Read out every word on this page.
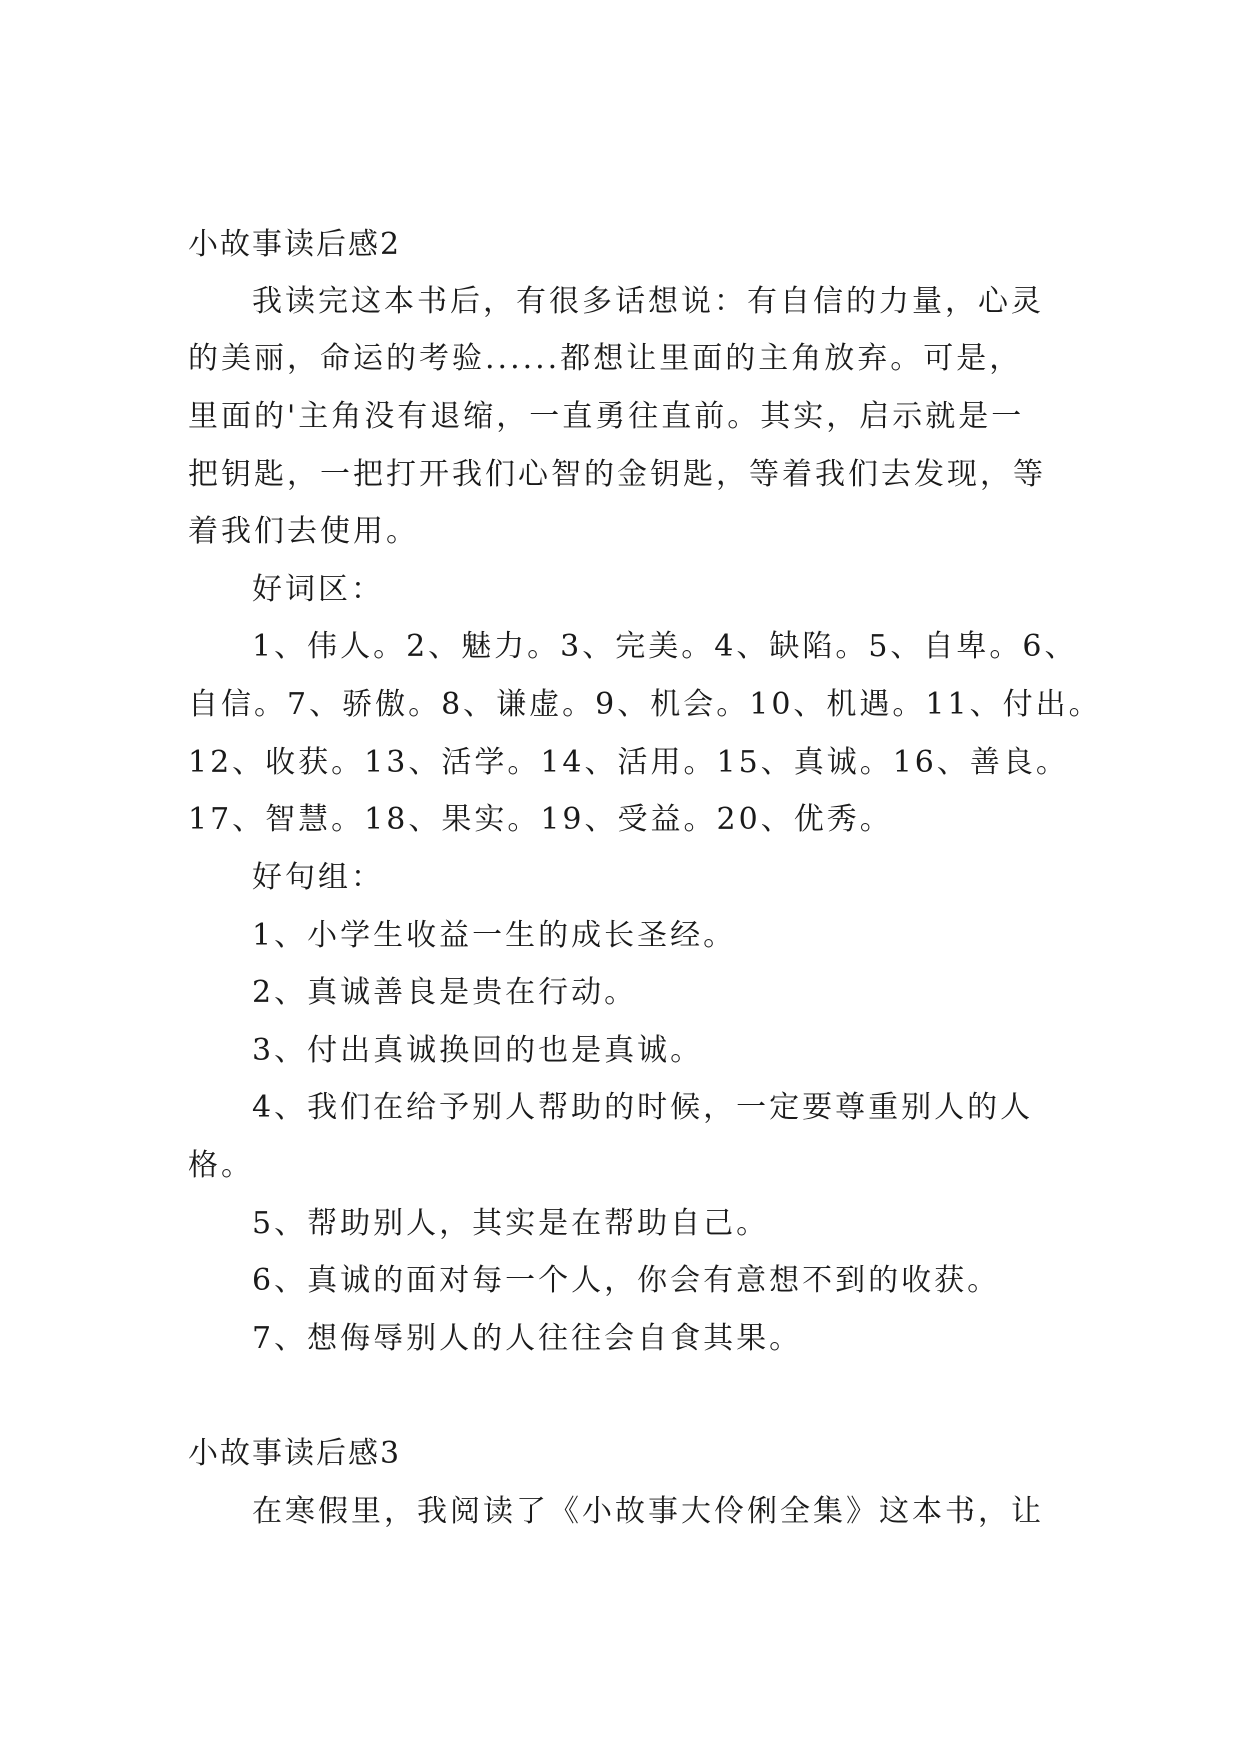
小故事读后感2
我读完这本书后，有很多话想说：有自信的力量，心灵
的美丽，命运的考验......都想让里面的主角放弃。可是，
里面的'主角没有退缩，一直勇往直前。其实，启示就是一
把钥匙，一把打开我们心智的金钥匙，等着我们去发现，等
着我们去使用。
好词区：
1、伟人。2、魅力。3、完美。4、缺陷。5、自卑。6、
自信。7、骄傲。8、谦虚。9、机会。10、机遇。11、付出。
12、收获。13、活学。14、活用。15、真诚。16、善良。
17、智慧。18、果实。19、受益。20、优秀。
好句组：
1、小学生收益一生的成长圣经。
2、真诚善良是贵在行动。
3、付出真诚换回的也是真诚。
4、我们在给予别人帮助的时候，一定要尊重别人的人
格。
5、帮助别人，其实是在帮助自己。
6、真诚的面对每一个人，你会有意想不到的收获。
7、想侮辱别人的人往往会自食其果。
小故事读后感3
在寒假里，我阅读了《小故事大伶俐全集》这本书，让
